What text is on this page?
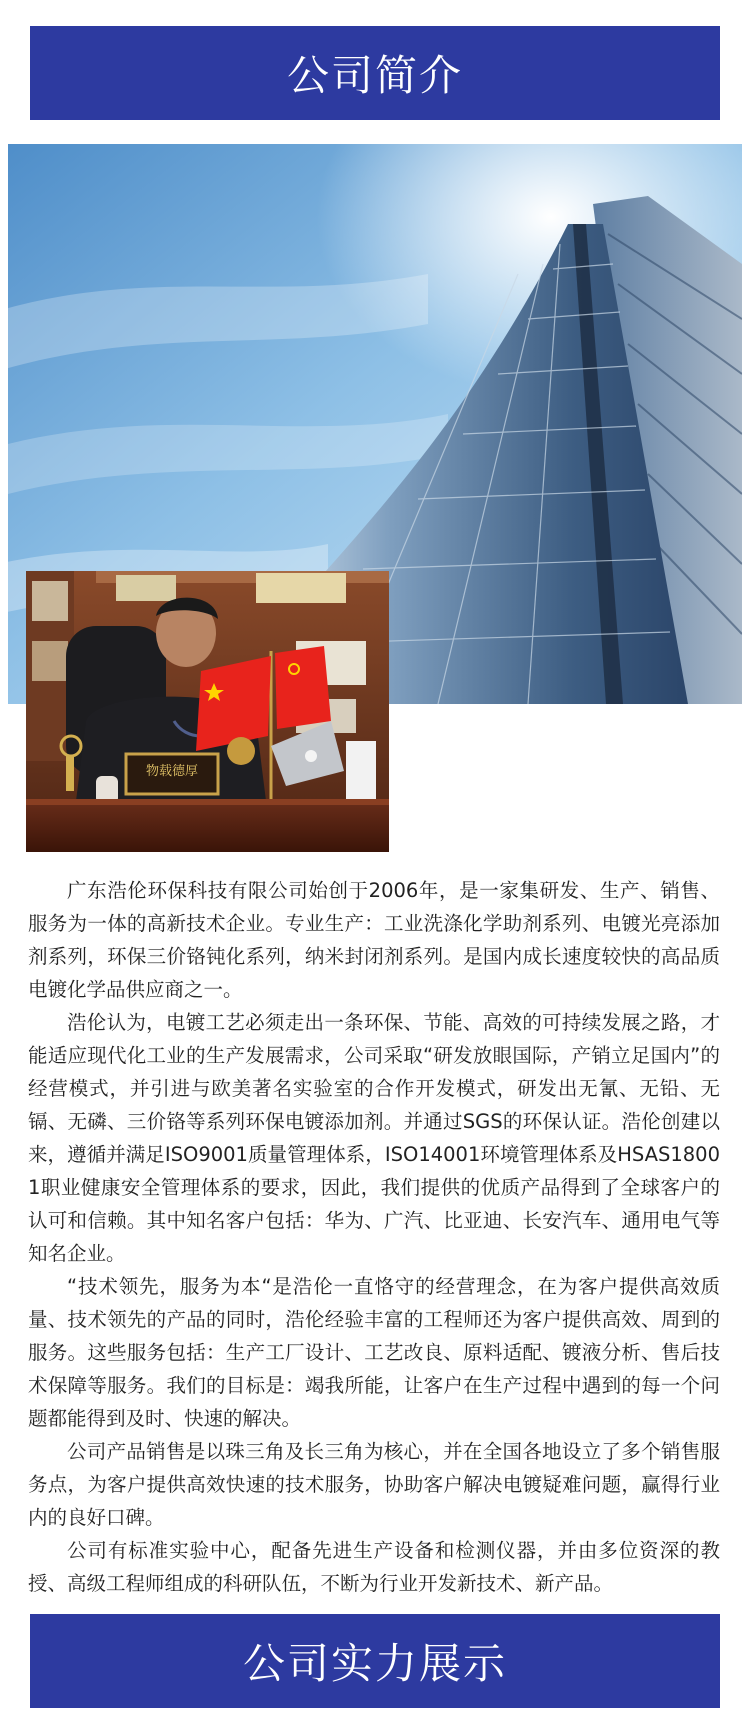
公司简介
物载德厚

广东浩伦环保科技有限公司始创于2006年，是一家集研发、生产、销售、服务为一体的高新技术企业。专业生产：工业洗涤化学助剂系列、电镀光亮添加剂系列，环保三价铬钝化系列，纳米封闭剂系列。是国内成长速度较快的高品质电镀化学品供应商之一。

浩伦认为，电镀工艺必须走出一条环保、节能、高效的可持续发展之路，才能适应现代化工业的生产发展需求，公司采取“研发放眼国际，产销立足国内”的经营模式，并引进与欧美著名实验室的合作开发模式，研发出无氰、无铅、无镉、无磷、三价铬等系列环保电镀添加剂。并通过SGS的环保认证。浩伦创建以来，遵循并满足ISO9001质量管理体系，ISO14001环境管理体系及HSAS18001职业健康安全管理体系的要求，因此，我们提供的优质产品得到了全球客户的认可和信赖。其中知名客户包括：华为、广汽、比亚迪、长安汽车、通用电气等知名企业。

“技术领先，服务为本“是浩伦一直恪守的经营理念，在为客户提供高效质量、技术领先的产品的同时，浩伦经验丰富的工程师还为客户提供高效、周到的服务。这些服务包括：生产工厂设计、工艺改良、原料适配、镀液分析、售后技术保障等服务。我们的目标是：竭我所能，让客户在生产过程中遇到的每一个问题都能得到及时、快速的解决。

公司产品销售是以珠三角及长三角为核心，并在全国各地设立了多个销售服务点，为客户提供高效快速的技术服务，协助客户解决电镀疑难问题，赢得行业内的良好口碑。

公司有标准实验中心，配备先进生产设备和检测仪器，并由多位资深的教授、高级工程师组成的科研队伍，不断为行业开发新技术、新产品。

公司实力展示
